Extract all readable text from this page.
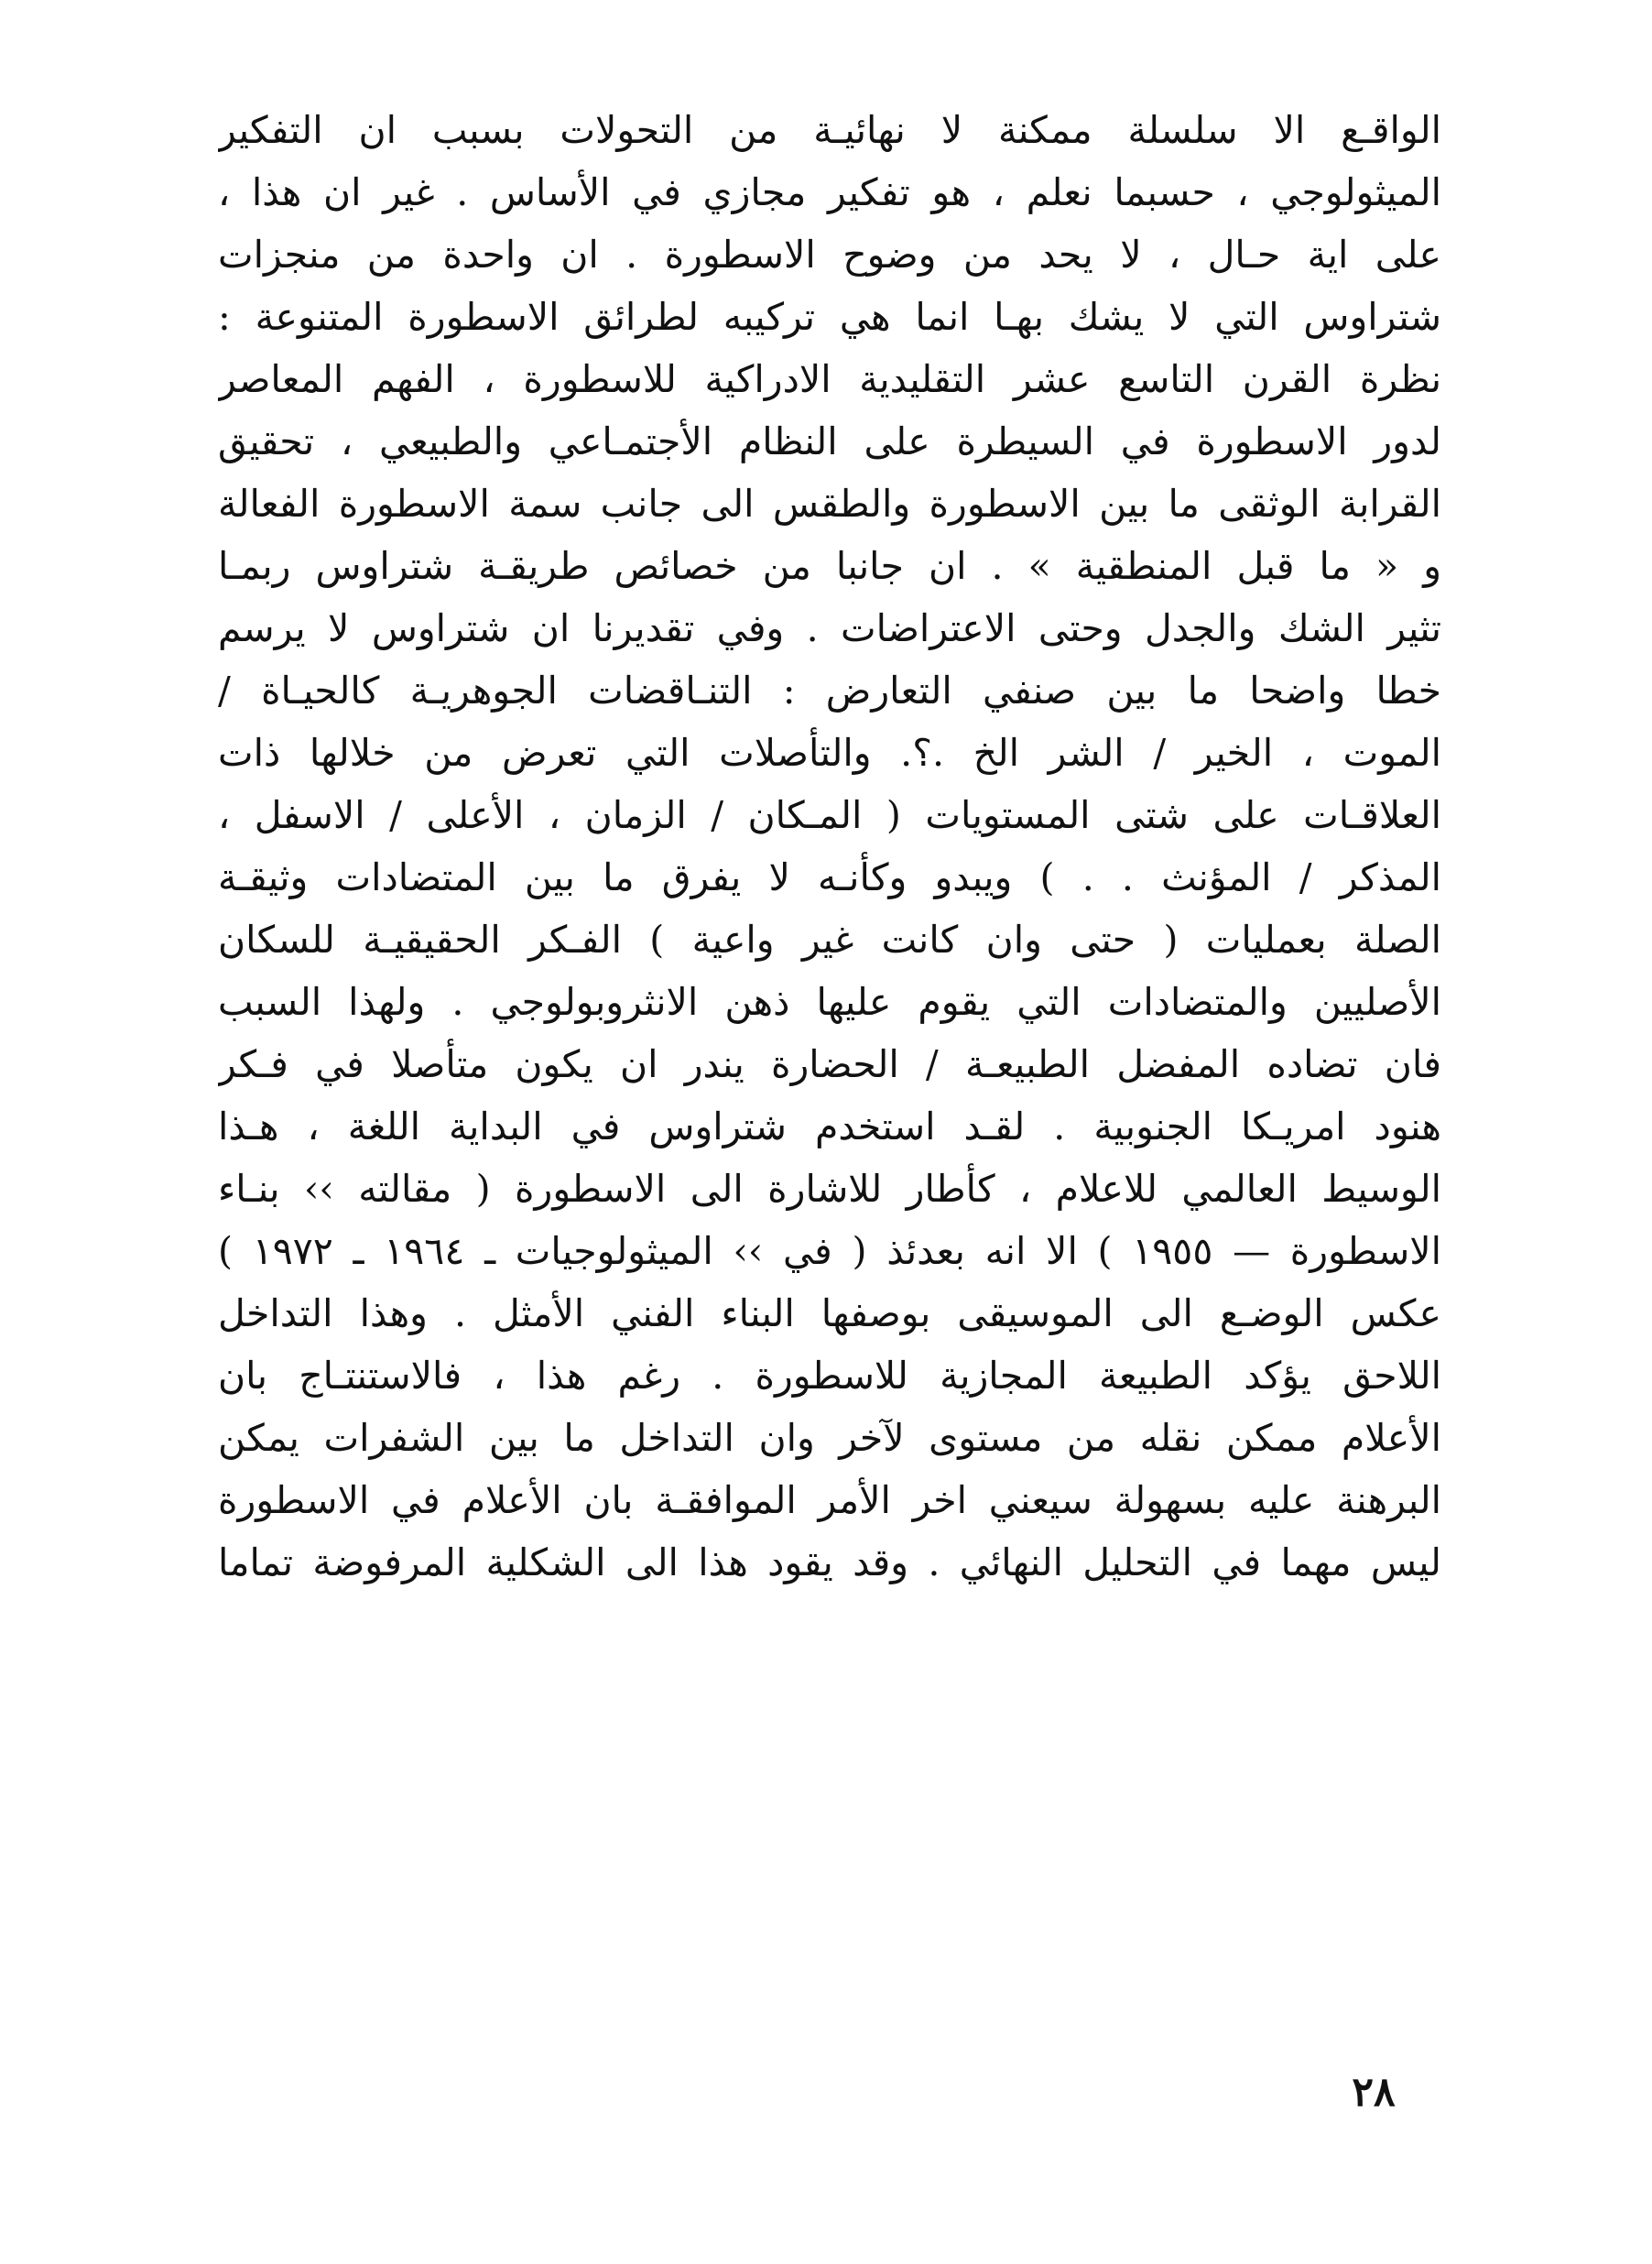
الواقـع الا سلسلة ممكنة لا نهائيـة من التحولات بسبب ان التفكير
الميثولوجي ، حسبما نعلم ، هو تفكير مجازي في الأساس . غير ان هذا ،
على اية حـال ، لا يحد من وضوح الاسطورة . ان واحدة من منجزات
شتراوس التي لا يشك بهـا انما هي تركيبه لطرائق الاسطورة المتنوعة :
نظرة القرن التاسع عشر التقليدية الادراكية للاسطورة ، الفهم المعاصر
لدور الاسطورة في السيطرة على النظام الأجتمـاعي والطبيعي ، تحقيق
القرابة الوثقى ما بين الاسطورة والطقس الى جانب سمة الاسطورة الفعالة
و « ما قبل المنطقية » . ان جانبا من خصائص طريقـة شتراوس ربمـا
تثير الشك والجدل وحتى الاعتراضات . وفي تقديرنا ان شتراوس لا يرسم
خطا واضحا ما بين صنفي التعارض : التنـاقضات الجوهريـة كالحيـاة /
الموت ، الخير / الشر الخ .؟. والتأصلات التي تعرض من خلالها ذات
العلاقـات على شتى المستويات ( المـكان / الزمان ، الأعلى / الاسفل ،
المذكر / المؤنث . . ) ويبدو وكأنـه لا يفرق ما بين المتضادات وثيقـة
الصلة بعمليات ( حتى وان كانت غير واعية ) الفـكر الحقيقيـة للسكان
الأصليين والمتضادات التي يقوم عليها ذهن الانثروبولوجي . ولهذا السبب
فان تضاده المفضل الطبيعـة / الحضارة يندر ان يكون متأصلا في فـكر
هنود امريـكا الجنوبية . لقـد استخدم شتراوس في البداية اللغة ، هـذا
الوسيط العالمي للاعلام ، كأطار للاشارة الى الاسطورة ( مقالته ›› بنـاء
الاسطورة — ١٩٥٥ ) الا انه بعدئذ ( في ›› الميثولوجيات ـ ١٩٦٤ ـ ١٩٧٢ )
عكس الوضـع الى الموسيقى بوصفها البناء الفني الأمثل . وهذا التداخل
اللاحق يؤكد الطبيعة المجازية للاسطورة . رغم هذا ، فالاستنتـاج بان
الأعلام ممكن نقله من مستوى لآخر وان التداخل ما بين الشفرات يمكن
البرهنة عليه بسهولة سيعني اخر الأمر الموافقـة بان الأعلام في الاسطورة
ليس مهما في التحليل النهائي . وقد يقود هذا الى الشكلية المرفوضة تماما
٢٨
